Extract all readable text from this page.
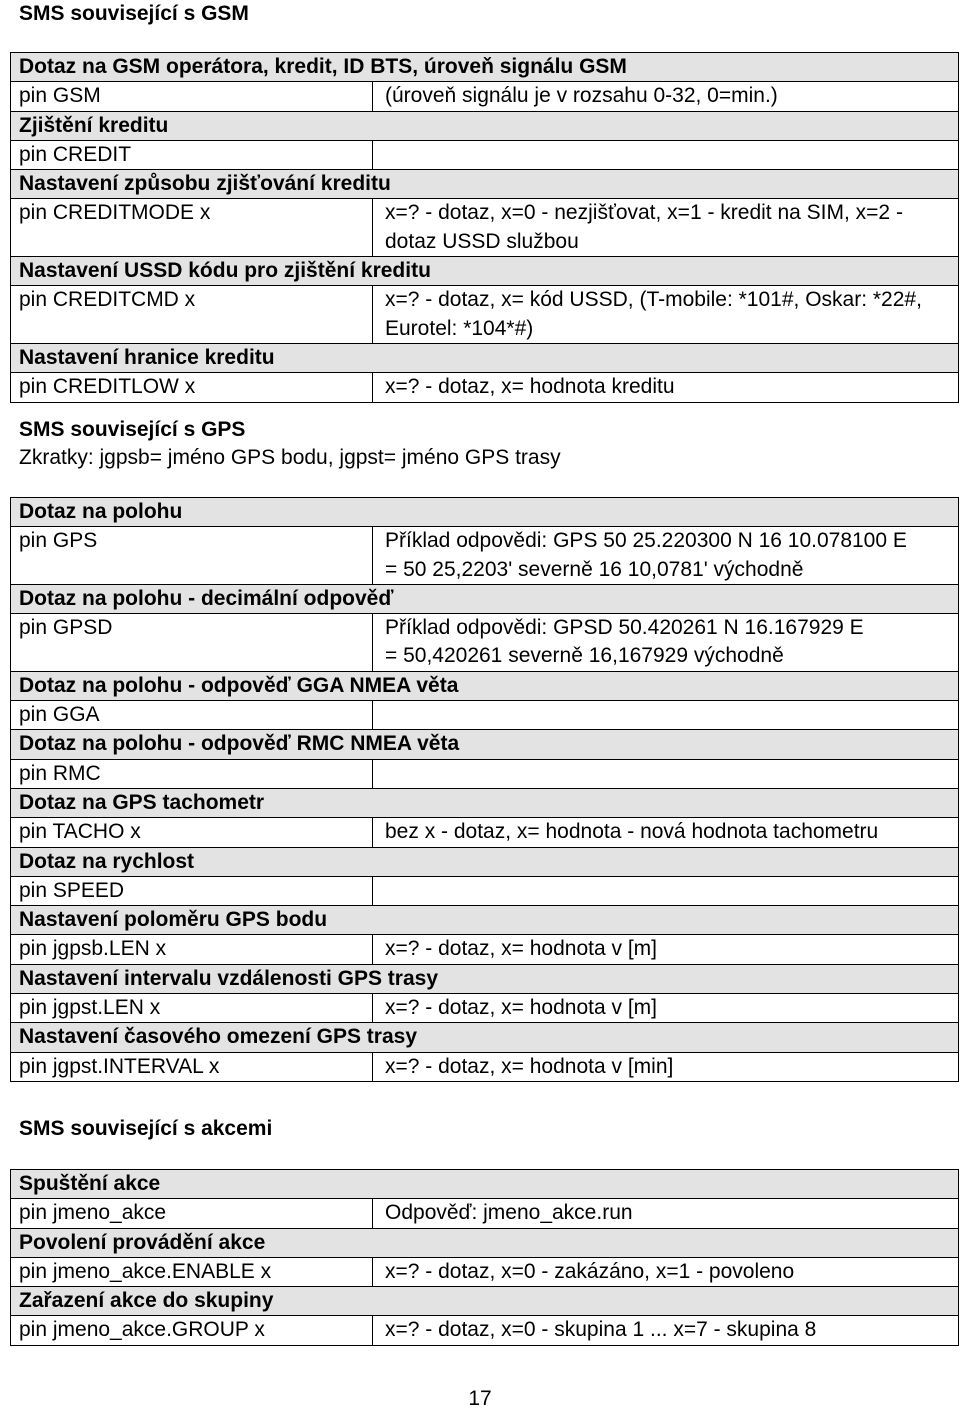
SMS související s GSM
Dotaz na GSM operátora, kredit, ID BTS, úroveň signálu GSM	
pin GSM	(úroveň signálu je v rozsahu 0-32, 0=min.)

Zjištění kreditu	
pin CREDIT	

Nastavení způsobu zjišťování kreditu	
pin CREDITMODE x	x=? - dotaz, x=0 - nezjišťovat, x=1 - kredit na SIM, x=2 - dotaz USSD službou

Nastavení USSD kódu pro zjištění kreditu	
pin CREDITCMD x	x=? - dotaz, x= kód USSD, (T-mobile: *101#, Oskar: *22#, Eurotel: *104*#)

Nastavení hranice kreditu	
pin CREDITLOW x	x=? - dotaz, x= hodnota kreditu
SMS související s GPS
Zkratky: jgpsb= jméno GPS bodu, jgpst= jméno GPS trasy
Dotaz na polohu	
pin GPS	Příklad odpovědi: GPS 50 25.220300 N 16 10.078100 E
= 50 25,2203' severně 16 10,0781' východně

Dotaz na polohu - decimální odpověď	
pin GPSD	Příklad odpovědi: GPSD 50.420261 N 16.167929 E
= 50,420261 severně 16,167929 východně

Dotaz na polohu - odpověď GGA NMEA věta	
pin GGA	

Dotaz na polohu - odpověď RMC NMEA věta	
pin RMC	

Dotaz na GPS tachometr	
pin TACHO x	bez x - dotaz, x= hodnota - nová hodnota tachometru

Dotaz na rychlost	
pin SPEED	

Nastavení poloměru GPS bodu	
pin jgpsb.LEN x	x=? - dotaz, x= hodnota v [m]

Nastavení intervalu vzdálenosti GPS trasy	
pin jgpst.LEN x	x=? - dotaz, x= hodnota v [m]

Nastavení časového omezení GPS trasy	
pin jgpst.INTERVAL x	x=? - dotaz, x= hodnota v [min]
SMS související s akcemi
Spuštění akce	
pin jmeno_akce	Odpověď: jmeno_akce.run

Povolení provádění akce	
pin jmeno_akce.ENABLE x	x=? - dotaz, x=0 - zakázáno, x=1 - povoleno

Zařazení akce do skupiny	
pin jmeno_akce.GROUP x	x=? - dotaz, x=0 - skupina 1 ... x=7 - skupina 8
17
